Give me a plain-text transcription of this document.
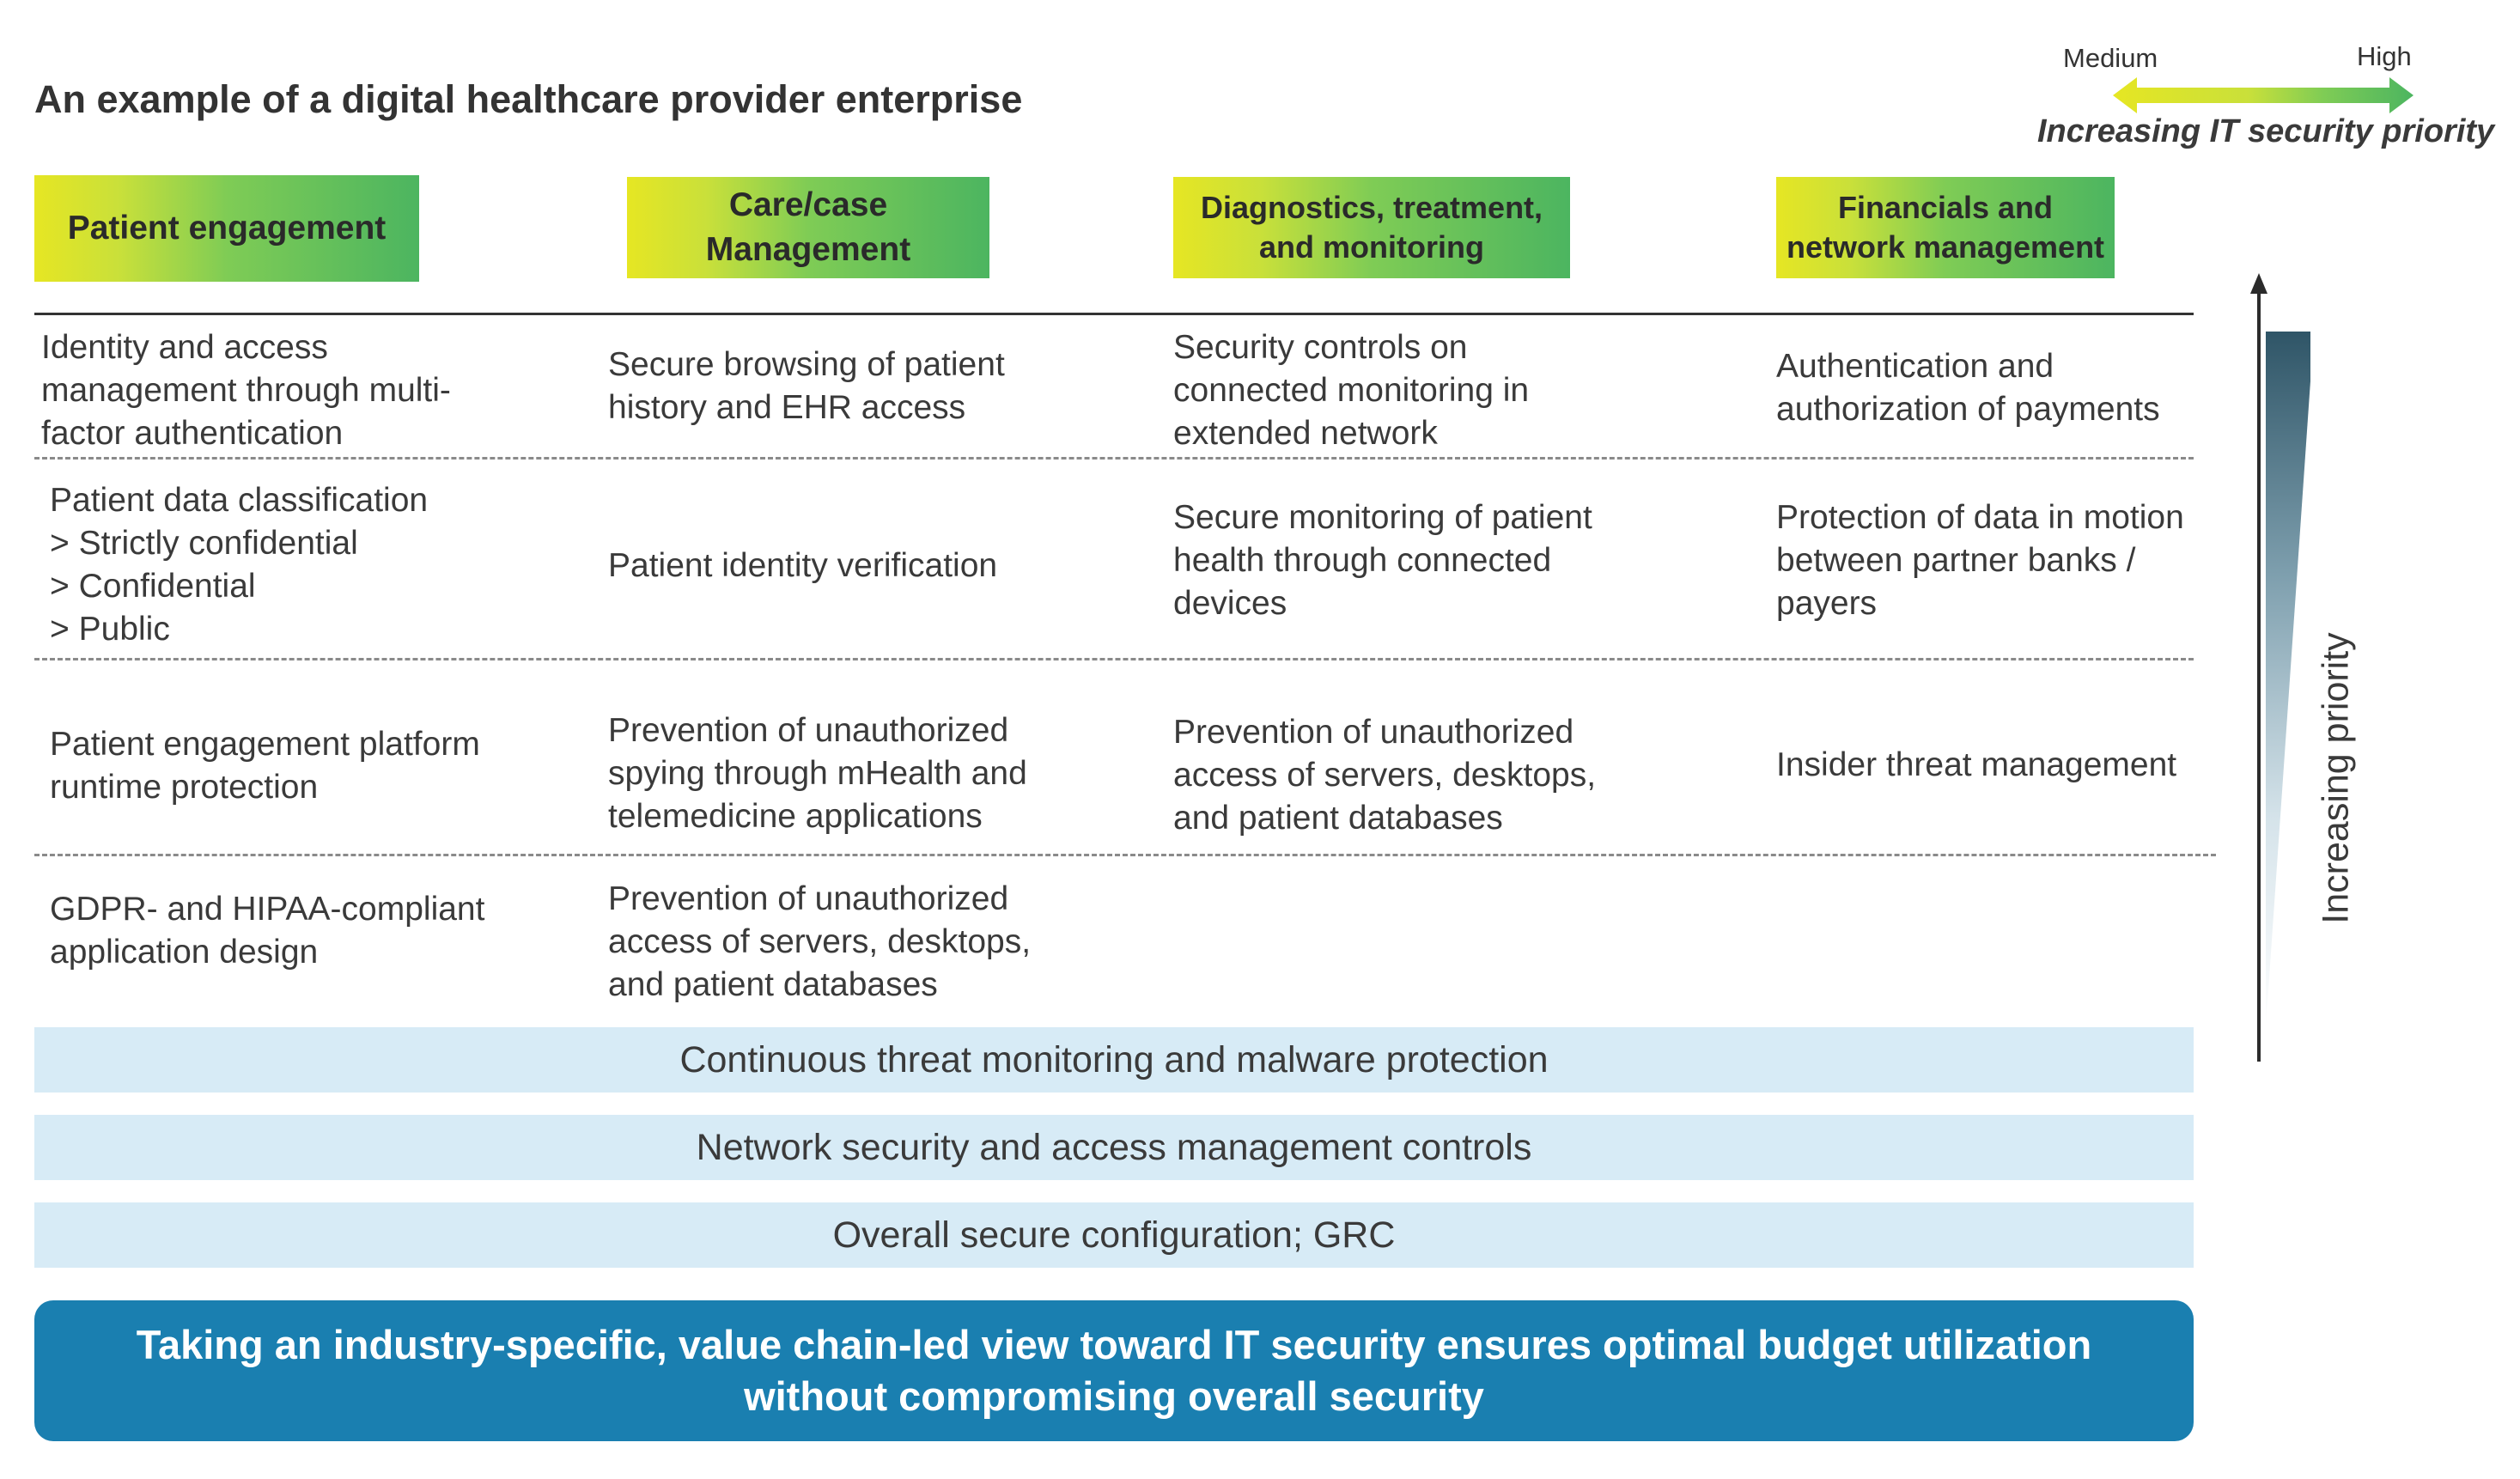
An example of a digital healthcare provider enterprise
Medium	High
Increasing IT security priority
Patient engagement
Care/case
Management
Diagnostics, treatment,
and monitoring
Financials and
network management
Identity and access
management through multi-
factor authentication
Secure browsing of patient
history and EHR access
Security controls on
connected monitoring in
extended network
Authentication and
authorization of payments
Patient data classification
> Strictly confidential
> Confidential
> Public
Patient identity verification
Secure monitoring of patient
health through connected
devices
Protection of data in motion
between partner banks /
payers
Patient engagement platform
runtime protection
Prevention of unauthorized
spying through mHealth and
telemedicine applications
Prevention of unauthorized
access of servers, desktops,
and patient databases
Insider threat management
GDPR- and HIPAA-compliant
application design
Prevention of unauthorized
access of servers, desktops,
and patient databases
Continuous threat monitoring and malware protection
Network security and access management controls
Overall secure configuration; GRC
Taking an industry-specific, value chain-led view toward IT security ensures optimal budget utilization
without compromising overall security
Increasing priority
